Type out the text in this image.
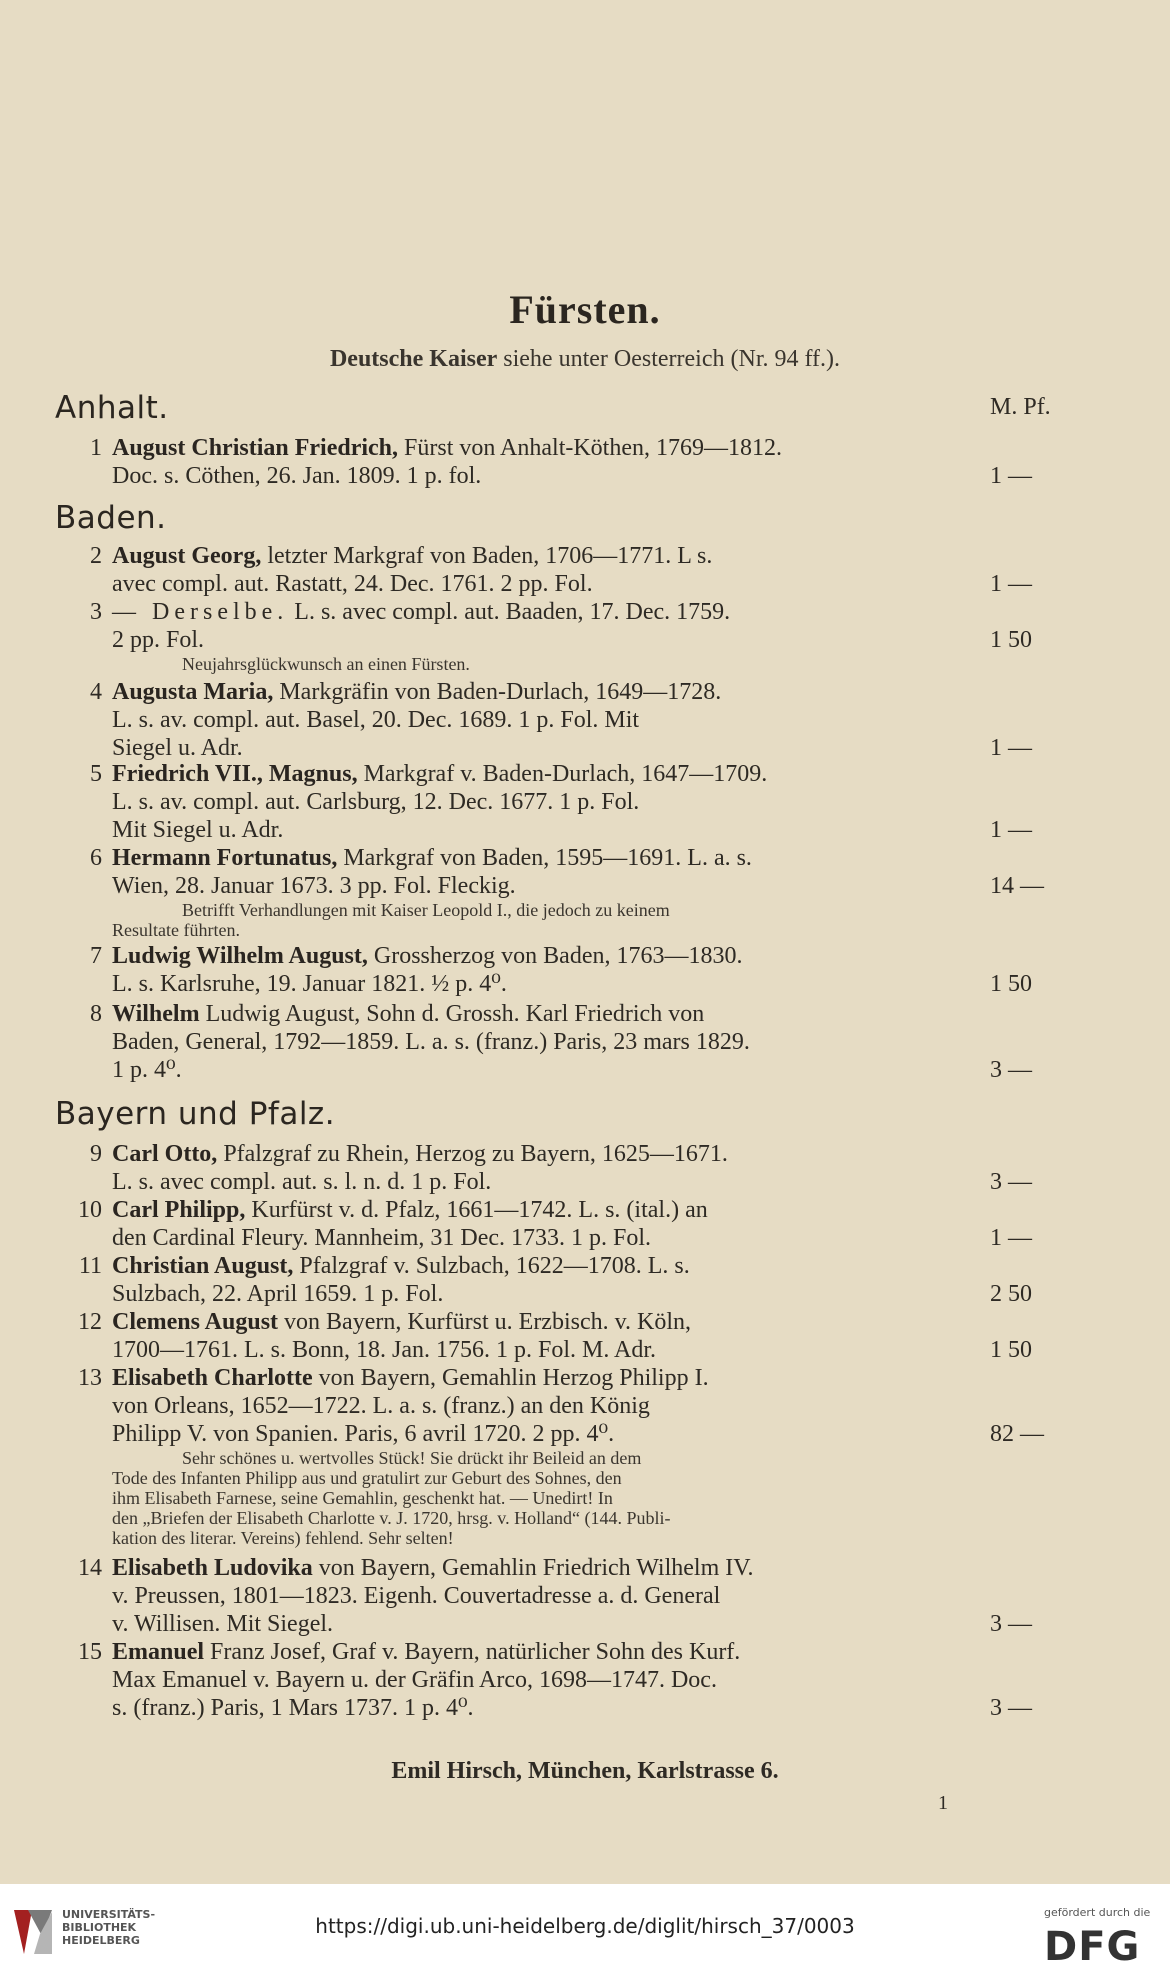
Fürsten.
Deutsche Kaiser siehe unter Oesterreich (Nr. 94 ff.).
Anhalt.	M. Pf.
1 August Christian Friedrich, Fürst von Anhalt-Köthen, 1769—1812.
Doc. s. Cöthen, 26. Jan. 1809. 1 p. fol.	1 —
Baden.
2 August Georg, letzter Markgraf von Baden, 1706—1771. L s.
avec compl. aut. Rastatt, 24. Dec. 1761. 2 pp. Fol.	1 —
3 — Derselbe. L. s. avec compl. aut. Baaden, 17. Dec. 1759.
2 pp. Fol.	1 50
Neujahrsglückwunsch an einen Fürsten.
4 Augusta Maria, Markgräfin von Baden-Durlach, 1649—1728.
L. s. av. compl. aut. Basel, 20. Dec. 1689. 1 p. Fol. Mit
Siegel u. Adr.	1 —
5 Friedrich VII., Magnus, Markgraf v. Baden-Durlach, 1647—1709.
L. s. av. compl. aut. Carlsburg, 12. Dec. 1677. 1 p. Fol.
Mit Siegel u. Adr.	1 —
6 Hermann Fortunatus, Markgraf von Baden, 1595—1691. L. a. s.
Wien, 28. Januar 1673. 3 pp. Fol. Fleckig.	14 —
Betrifft Verhandlungen mit Kaiser Leopold I., die jedoch zu keinem
Resultate führten.
7 Ludwig Wilhelm August, Grossherzog von Baden, 1763—1830.
L. s. Karlsruhe, 19. Januar 1821. ½ p. 4⁰.	1 50
8 Wilhelm Ludwig August, Sohn d. Grossh. Karl Friedrich von
Baden, General, 1792—1859. L. a. s. (franz.) Paris, 23 mars 1829.
1 p. 4⁰.	3 —
Bayern und Pfalz.
9 Carl Otto, Pfalzgraf zu Rhein, Herzog zu Bayern, 1625—1671.
L. s. avec compl. aut. s. l. n. d. 1 p. Fol.	3 —
10 Carl Philipp, Kurfürst v. d. Pfalz, 1661—1742. L. s. (ital.) an
den Cardinal Fleury. Mannheim, 31 Dec. 1733. 1 p. Fol.	1 —
11 Christian August, Pfalzgraf v. Sulzbach, 1622—1708. L. s.
Sulzbach, 22. April 1659. 1 p. Fol.	2 50
12 Clemens August von Bayern, Kurfürst u. Erzbisch. v. Köln,
1700—1761. L. s. Bonn, 18. Jan. 1756. 1 p. Fol. M. Adr.	1 50
13 Elisabeth Charlotte von Bayern, Gemahlin Herzog Philipp I.
von Orleans, 1652—1722. L. a. s. (franz.) an den König
Philipp V. von Spanien. Paris, 6 avril 1720. 2 pp. 4⁰.	82 —
Sehr schönes u. wertvolles Stück! Sie drückt ihr Beileid an dem
Tode des Infanten Philipp aus und gratulirt zur Geburt des Sohnes, den
ihm Elisabeth Farnese, seine Gemahlin, geschenkt hat. — Unedirt! In
den „Briefen der Elisabeth Charlotte v. J. 1720, hrsg. v. Holland“ (144. Publi-
kation des literar. Vereins) fehlend. Sehr selten!
14 Elisabeth Ludovika von Bayern, Gemahlin Friedrich Wilhelm IV.
v. Preussen, 1801—1823. Eigenh. Couvertadresse a. d. General
v. Willisen. Mit Siegel.	3 —
15 Emanuel Franz Josef, Graf v. Bayern, natürlicher Sohn des Kurf.
Max Emanuel v. Bayern u. der Gräfin Arco, 1698—1747. Doc.
s. (franz.) Paris, 1 Mars 1737. 1 p. 4⁰.	3 —
Emil Hirsch, München, Karlstrasse 6.
1
UNIVERSITÄTS-
BIBLIOTHEK
HEIDELBERG
https://digi.ub.uni-heidelberg.de/diglit/hirsch_37/0003
gefördert durch die
DFG
